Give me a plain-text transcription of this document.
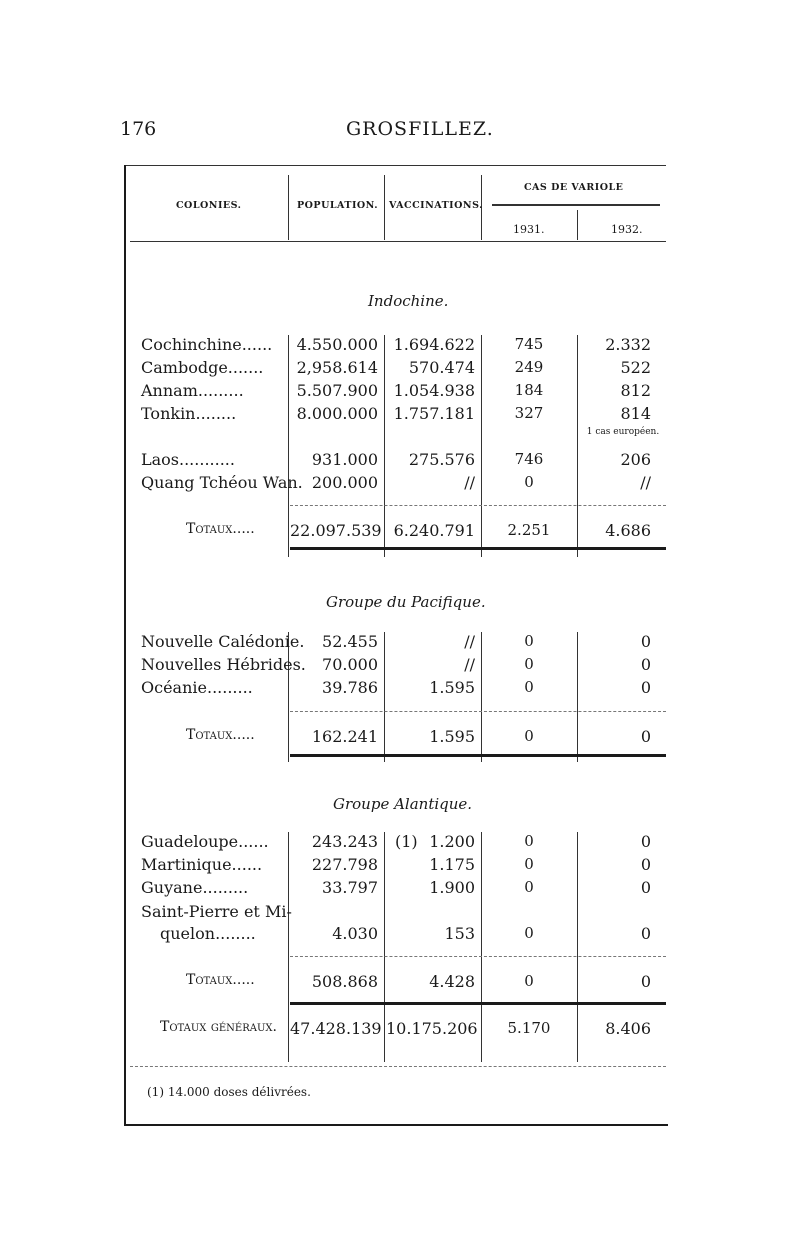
176	GROSFILLEZ.
COLONIES.	POPULATION. VACCINATIONS.
CAS DE VARIOLE
1931.	1932.
Indochine.
Cochinchine......	4.550.000 1.694.622	745	2.332
Cambodge.......	2,958.614	570.474	249	522
Annam.........	5.507.900 1.054.938	184	812
Tonkin........	8.000.000 1.757.181	327	814
1 cas européen.
Laos...........	931.000	275.576	746	206
Quang Tchéou Wan. 200.000	//	0	//
Totaux..... 22.097.539 6.240.791	2.251	4.686
Groupe du Pacifique.
Nouvelle Calédonie.	52.455	//	0	0
Nouvelles Hébrides.	70.000	//	0	0
Océanie.........	39.786	1.595	0	0
Totaux.....	162.241	1.595	0	0
Groupe Alantique.
Guadeloupe......	243.243 (1) 1.200	0	0
Martinique......	227.798	1.175	0	0
Guyane.........	33.797	1.900	0	0
Saint-Pierre et Mi-
quelon........	4.030	153	0	0
Totaux.....	508.868	4.428	0	0
Totaux généraux. 47.428.139 10.175.206	5.170	8.406
(1) 14.000 doses délivrées.
